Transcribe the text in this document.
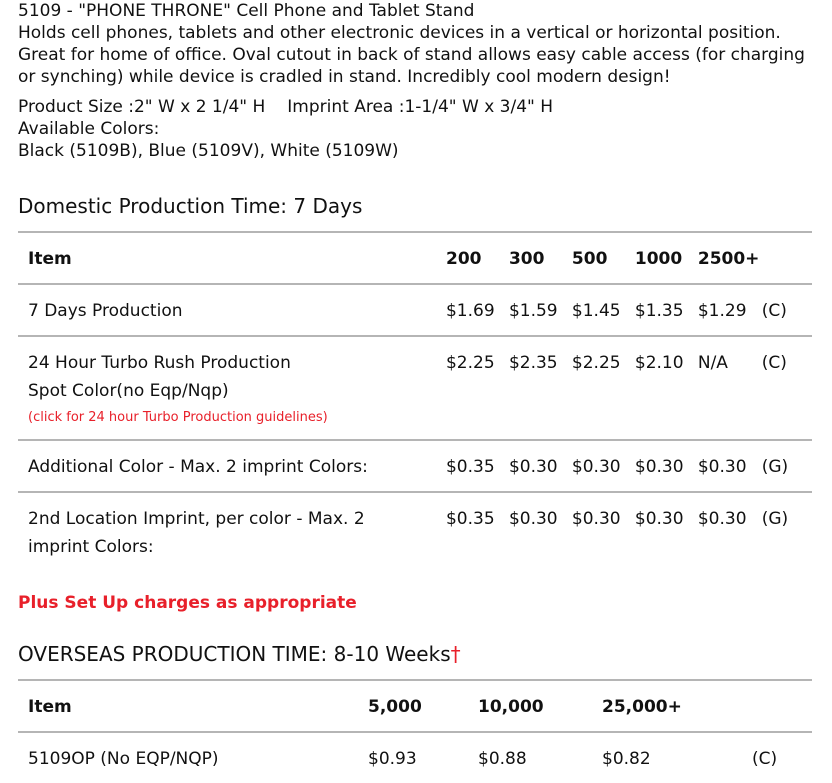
5109 - "PHONE THRONE" Cell Phone and Tablet Stand

Holds cell phones, tablets and other electronic devices in a vertical or horizontal position. Great for home of office. Oval cutout in back of stand allows easy cable access (for charging or synching) while device is cradled in stand. Incredibly cool modern design!

Product Size :2" W x 2 1/4" H Imprint Area :1-1/4" W x 3/4" H
Available Colors:
Black (5109B), Blue (5109V), White (5109W)
Domestic Production Time: 7 Days
Item	200	300	500	1000	2500+	
7 Days Production	$1.69	$1.59	$1.45	$1.35	$1.29	(C)
24 Hour Turbo Rush Production
Spot Color(no Eqp/Nqp)
(click for 24 hour Turbo Production guidelines)	$2.25	$2.35	$2.25	$2.10	N/A	(C)
Additional Color - Max. 2 imprint Colors:	$0.35	$0.30	$0.30	$0.30	$0.30	(G)
2nd Location Imprint, per color - Max. 2 imprint Colors:	$0.35	$0.30	$0.30	$0.30	$0.30	(G)
Plus Set Up charges as appropriate
OVERSEAS PRODUCTION TIME: 8-10 Weeks†
Item	5,000	10,000	25,000+	
5109OP (No EQP/NQP)	$0.93	$0.88	$0.82	(C)
